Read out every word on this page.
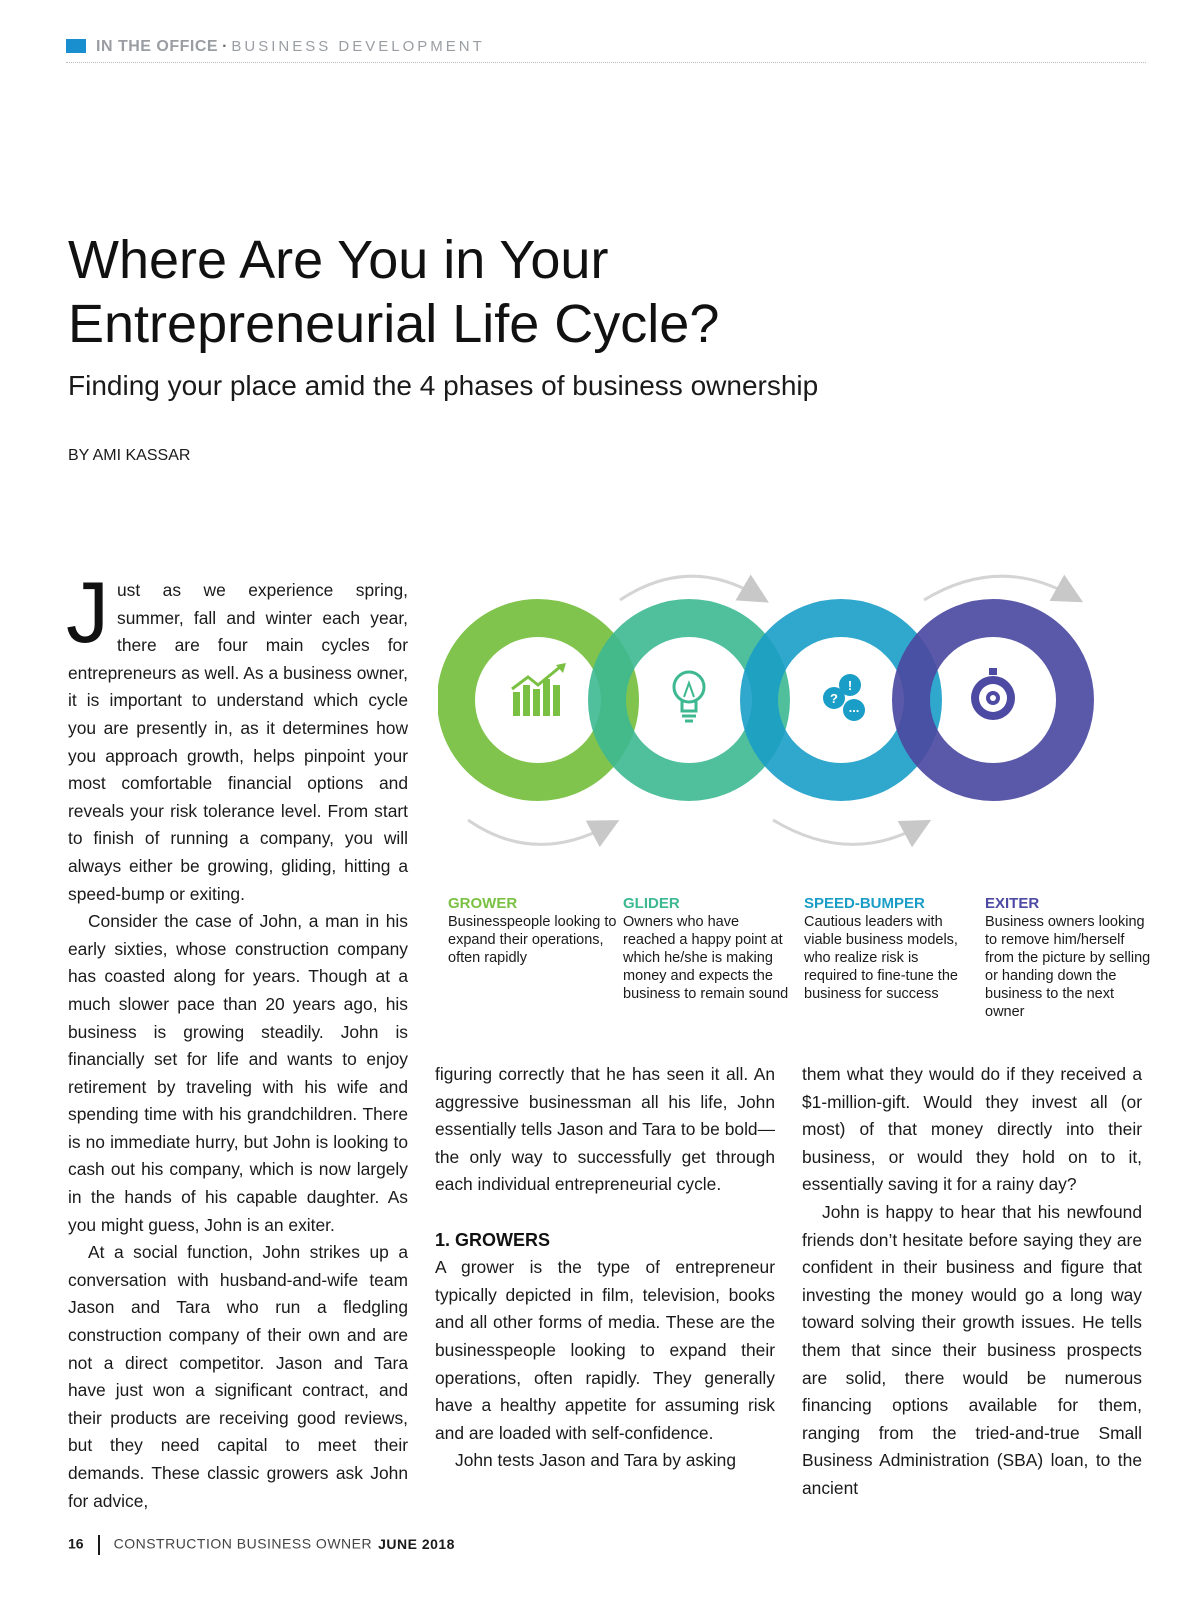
IN THE OFFICE · BUSINESS DEVELOPMENT
Where Are You in Your Entrepreneurial Life Cycle?
Finding your place amid the 4 phases of business ownership
BY AMI KASSAR

Just as we experience spring, summer, fall and winter each year, there are four main cycles for entrepreneurs as well. As a business owner, it is important to understand which cycle you are presently in, as it determines how you approach growth, helps pinpoint your most comfortable financial options and reveals your risk tolerance level. From start to finish of running a company, you will always either be growing, gliding, hitting a speed-bump or exiting.

Consider the case of John, a man in his early sixties, whose construction company has coasted along for years. Though at a much slower pace than 20 years ago, his business is growing steadily. John is financially set for life and wants to enjoy retirement by traveling with his wife and spending time with his grandchildren. There is no immediate hurry, but John is looking to cash out his company, which is now largely in the hands of his capable daughter. As you might guess, John is an exiter.

At a social function, John strikes up a conversation with husband-and-wife team Jason and Tara who run a fledgling construction company of their own and are not a direct competitor. Jason and Tara have just won a significant contract, and their products are receiving good reviews, but they need capital to meet their demands. These classic growers ask John for advice,

!
?
...
GROWER
Businesspeople looking to expand their operations, often rapidly
GLIDER
Owners who have reached a happy point at which he/she is making money and expects the business to remain sound
SPEED-BUMPER
Cautious leaders with viable business models, who realize risk is required to fine-tune the business for success
EXITER
Business owners looking to remove him/herself from the picture by selling or handing down the business to the next owner

figuring correctly that he has seen it all. An aggressive businessman all his life, John essentially tells Jason and Tara to be bold—the only way to successfully get through each individual entrepreneurial cycle.

1. GROWERS

A grower is the type of entrepreneur typically depicted in film, television, books and all other forms of media. These are the businesspeople looking to expand their operations, often rapidly. They generally have a healthy appetite for assuming risk and are loaded with self-confidence.

John tests Jason and Tara by asking

them what they would do if they received a $1-million-gift. Would they invest all (or most) of that money directly into their business, or would they hold on to it, essentially saving it for a rainy day?

John is happy to hear that his newfound friends don’t hesitate before saying they are confident in their business and figure that investing the money would go a long way toward solving their growth issues. He tells them that since their business prospects are solid, there would be numerous financing options available for them, ranging from the tried-and-true Small Business Administration (SBA) loan, to the ancient

16 CONSTRUCTION BUSINESS OWNER JUNE 2018
